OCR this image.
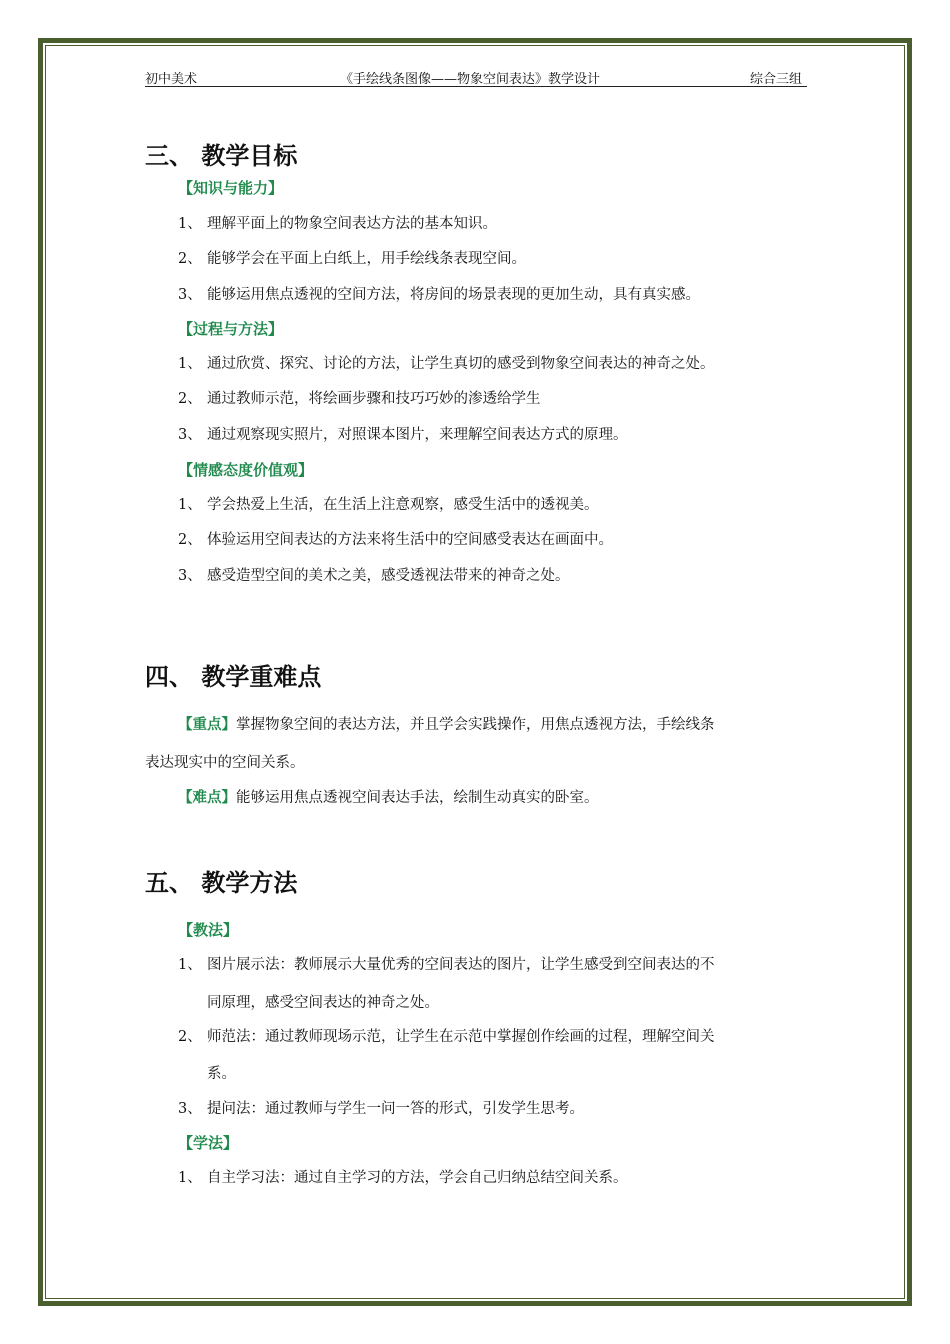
初中美术	《手绘线条图像——物象空间表达》教学设计	综合三组
三、 教学目标
【知识与能力】
1、 理解平面上的物象空间表达方法的基本知识。
2、 能够学会在平面上白纸上，用手绘线条表现空间。
3、 能够运用焦点透视的空间方法，将房间的场景表现的更加生动，具有真实感。
【过程与方法】
1、 通过欣赏、探究、讨论的方法，让学生真切的感受到物象空间表达的神奇之处。
2、 通过教师示范，将绘画步骤和技巧巧妙的渗透给学生
3、 通过观察现实照片，对照课本图片，来理解空间表达方式的原理。
【情感态度价值观】
1、 学会热爱上生活，在生活上注意观察，感受生活中的透视美。
2、 体验运用空间表达的方法来将生活中的空间感受表达在画面中。
3、 感受造型空间的美术之美，感受透视法带来的神奇之处。
四、 教学重难点
【重点】掌握物象空间的表达方法，并且学会实践操作，用焦点透视方法，手绘线条
表达现实中的空间关系。
【难点】能够运用焦点透视空间表达手法，绘制生动真实的卧室。
五、 教学方法
【教法】
1、 图片展示法：教师展示大量优秀的空间表达的图片，让学生感受到空间表达的不
同原理，感受空间表达的神奇之处。
2、 师范法：通过教师现场示范，让学生在示范中掌握创作绘画的过程，理解空间关
系。
3、 提问法：通过教师与学生一问一答的形式，引发学生思考。
【学法】
1、 自主学习法：通过自主学习的方法，学会自己归纳总结空间关系。
